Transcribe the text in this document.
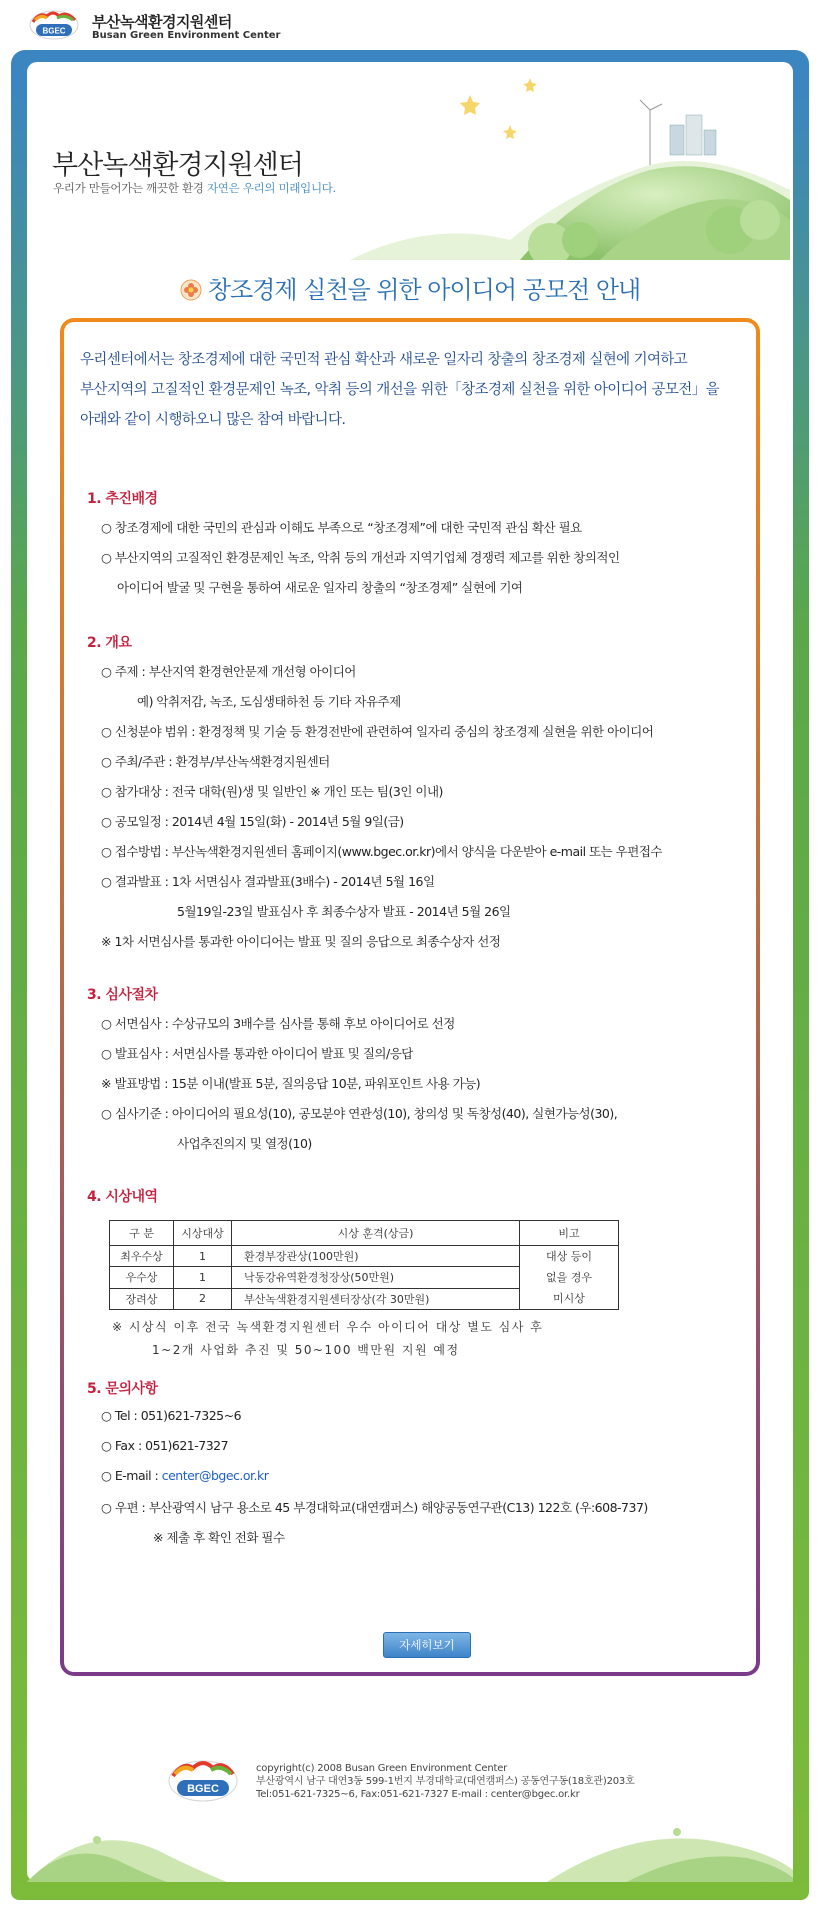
BGEC 부산녹색환경지원센터
Busan Green Environment Center
부산녹색환경지원센터
우리가 만들어가는 깨끗한 환경 자연은 우리의 미래입니다.
창조경제 실천을 위한 아이디어 공모전 안내
우리센터에서는 창조경제에 대한 국민적 관심 확산과 새로운 일자리 창출의 창조경제 실현에 기여하고
부산지역의 고질적인 환경문제인 녹조, 악취 등의 개선을 위한「창조경제 실천을 위한 아이디어 공모전」을
아래와 같이 시행하오니 많은 참여 바랍니다.
1. 추진배경
○ 창조경제에 대한 국민의 관심과 이해도 부족으로 “창조경제”에 대한 국민적 관심 확산 필요
○ 부산지역의 고질적인 환경문제인 녹조, 악취 등의 개선과 지역기업체 경쟁력 제고를 위한 창의적인
아이디어 발굴 및 구현을 통하여 새로운 일자리 창출의 “창조경제” 실현에 기여
2. 개요
○ 주제 : 부산지역 환경현안문제 개선형 아이디어
예) 악취저감, 녹조, 도심생태하천 등 기타 자유주제
○ 신청분야 범위 : 환경정책 및 기술 등 환경전반에 관련하여 일자리 중심의 창조경제 실현을 위한 아이디어
○ 주최/주관 : 환경부/부산녹색환경지원센터
○ 참가대상 : 전국 대학(원)생 및 일반인 ※ 개인 또는 팀(3인 이내)
○ 공모일정 : 2014년 4월 15일(화) - 2014년 5월 9일(금)
○ 접수방법 : 부산녹색환경지원센터 홈페이지(www.bgec.or.kr)에서 양식을 다운받아 e-mail 또는 우편접수
○ 결과발표 : 1차 서면심사 결과발표(3배수) - 2014년 5월 16일
5월19일-23일 발표심사 후 최종수상자 발표 - 2014년 5월 26일
※ 1차 서면심사를 통과한 아이디어는 발표 및 질의 응답으로 최종수상자 선정
3. 심사절차
○ 서면심사 : 수상규모의 3배수를 심사를 통해 후보 아이디어로 선정
○ 발표심사 : 서면심사를 통과한 아이디어 발표 및 질의/응답
※ 발표방법 : 15분 이내(발표 5분, 질의응답 10분, 파워포인트 사용 가능)
○ 심사기준 : 아이디어의 필요성(10), 공모분야 연관성(10), 창의성 및 독창성(40), 실현가능성(30),
사업추진의지 및 열정(10)
4. 시상내역
구 분	시상대상	시상 훈격(상금)	비고
최우수상	1	환경부장관상(100만원)	대상 등이
없을 경우
미시상

우수상	1	낙동강유역환경청장상(50만원)	
장려상	2	부산녹색환경지원센터장상(각 30만원)	
※ 시상식 이후 전국 녹색환경지원센터 우수 아이디어 대상 별도 심사 후
1~2개 사업화 추진 및 50~100 백만원 지원 예정
5. 문의사항
○ Tel : 051)621-7325~6
○ Fax : 051)621-7327
○ E-mail : center@bgec.or.kr
○ 우편 : 부산광역시 남구 용소로 45 부경대학교(대연캠퍼스) 해양공동연구관(C13) 122호 (우:608-737)
※ 제출 후 확인 전화 필수
자세히보기
BGEC
copyright(c) 2008 Busan Green Environment Center
부산광역시 남구 대연3동 599-1번지 부경대학교(대연캠퍼스) 공동연구동(18호관)203호
Tel:051-621-7325~6, Fax:051-621-7327 E-mail : center@bgec.or.kr
